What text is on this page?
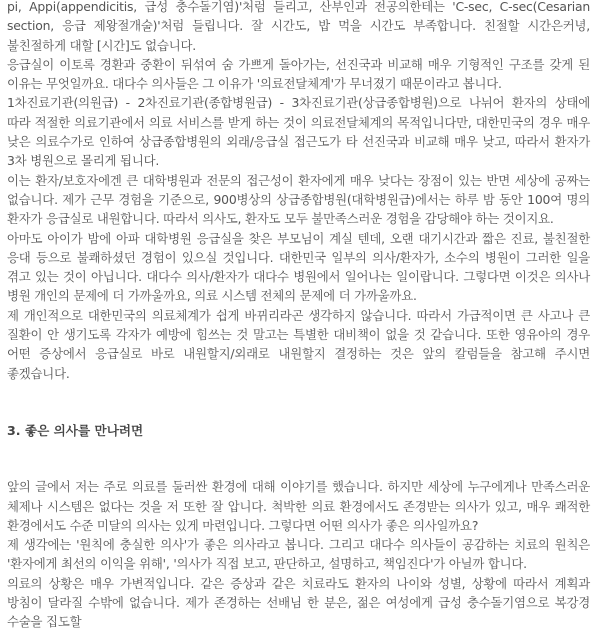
pi, Appi(appendicitis, 급성 충수돌기염)'처럼 들리고, 산부인과 전공의한테는 'C-sec, C-sec(Cesarian section, 응급 제왕절개술)'처럼 들립니다. 잘 시간도, 밥 먹을 시간도 부족합니다. 친절할 시간은커녕, 불친절하게 대할 [시간]도 없습니다.

응급실이 이토록 경환과 중환이 뒤섞여 숨 가쁘게 돌아가는, 선진국과 비교해 매우 기형적인 구조를 갖게 된 이유는 무엇일까요. 대다수 의사들은 그 이유가 '의료전달체계'가 무너졌기 때문이라고 봅니다.

1차진료기관(의원급) - 2차진료기관(종합병원급) - 3차진료기관(상급종합병원)으로 나뉘어 환자의 상태에 따라 적절한 의료기관에서 의료 서비스를 받게 하는 것이 의료전달체계의 목적입니다만, 대한민국의 경우 매우 낮은 의료수가로 인하여 상급종합병원의 외래/응급실 접근도가 타 선진국과 비교해 매우 낮고, 따라서 환자가 3차 병원으로 몰리게 됩니다.

이는 환자/보호자에겐 큰 대학병원과 전문의 접근성이 환자에게 매우 낮다는 장점이 있는 반면 세상에 공짜는 없습니다. 제가 근무 경험을 기준으로, 900병상의 상급종합병원(대학병원급)에서는 하루 밤 동안 100여 명의 환자가 응급실로 내원합니다. 따라서 의사도, 환자도 모두 불만족스러운 경험을 감당해야 하는 것이지요.

아마도 아이가 밤에 아파 대학병원 응급실을 찾은 부모님이 계실 텐데, 오랜 대기시간과 짧은 진료, 불친절한 응대 등으로 불쾌하셨던 경험이 있으실 것입니다. 대한민국 일부의 의사/환자가, 소수의 병원이 그러한 일을 겪고 있는 것이 아닙니다. 대다수 의사/환자가 대다수 병원에서 일어나는 일이랍니다. 그렇다면 이것은 의사나 병원 개인의 문제에 더 가까울까요, 의료 시스템 전체의 문제에 더 가까울까요.

제 개인적으로 대한민국의 의료체계가 쉽게 바뀌리라곤 생각하지 않습니다. 따라서 가급적이면 큰 사고나 큰 질환이 안 생기도록 각자가 예방에 힘쓰는 것 말고는 특별한 대비책이 없을 것 같습니다. 또한 영유아의 경우 어떤 증상에서 응급실로 바로 내원할지/외래로 내원할지 결정하는 것은 앞의 칼럼들을 참고해 주시면 좋겠습니다.

3. 좋은 의사를 만나려면

앞의 글에서 저는 주로 의료를 둘러싼 환경에 대해 이야기를 했습니다. 하지만 세상에 누구에게나 만족스러운 체제나 시스템은 없다는 것을 저 또한 잘 압니다. 척박한 의료 환경에서도 존경받는 의사가 있고, 매우 쾌적한 환경에서도 수준 미달의 의사는 있게 마련입니다. 그렇다면 어떤 의사가 좋은 의사일까요?

제 생각에는 '원칙에 충실한 의사'가 좋은 의사라고 봅니다. 그리고 대다수 의사들이 공감하는 치료의 원칙은 '환자에게 최선의 이익을 위해', '의사가 직접 보고, 판단하고, 설명하고, 책임진다'가 아닐까 합니다.

의료의 상황은 매우 가변적입니다. 같은 증상과 같은 치료라도 환자의 나이와 성별, 상황에 따라서 계획과 방침이 달라질 수밖에 없습니다. 제가 존경하는 선배님 한 분은, 젊은 여성에게 급성 충수돌기염으로 복강경 수술을 집도할
